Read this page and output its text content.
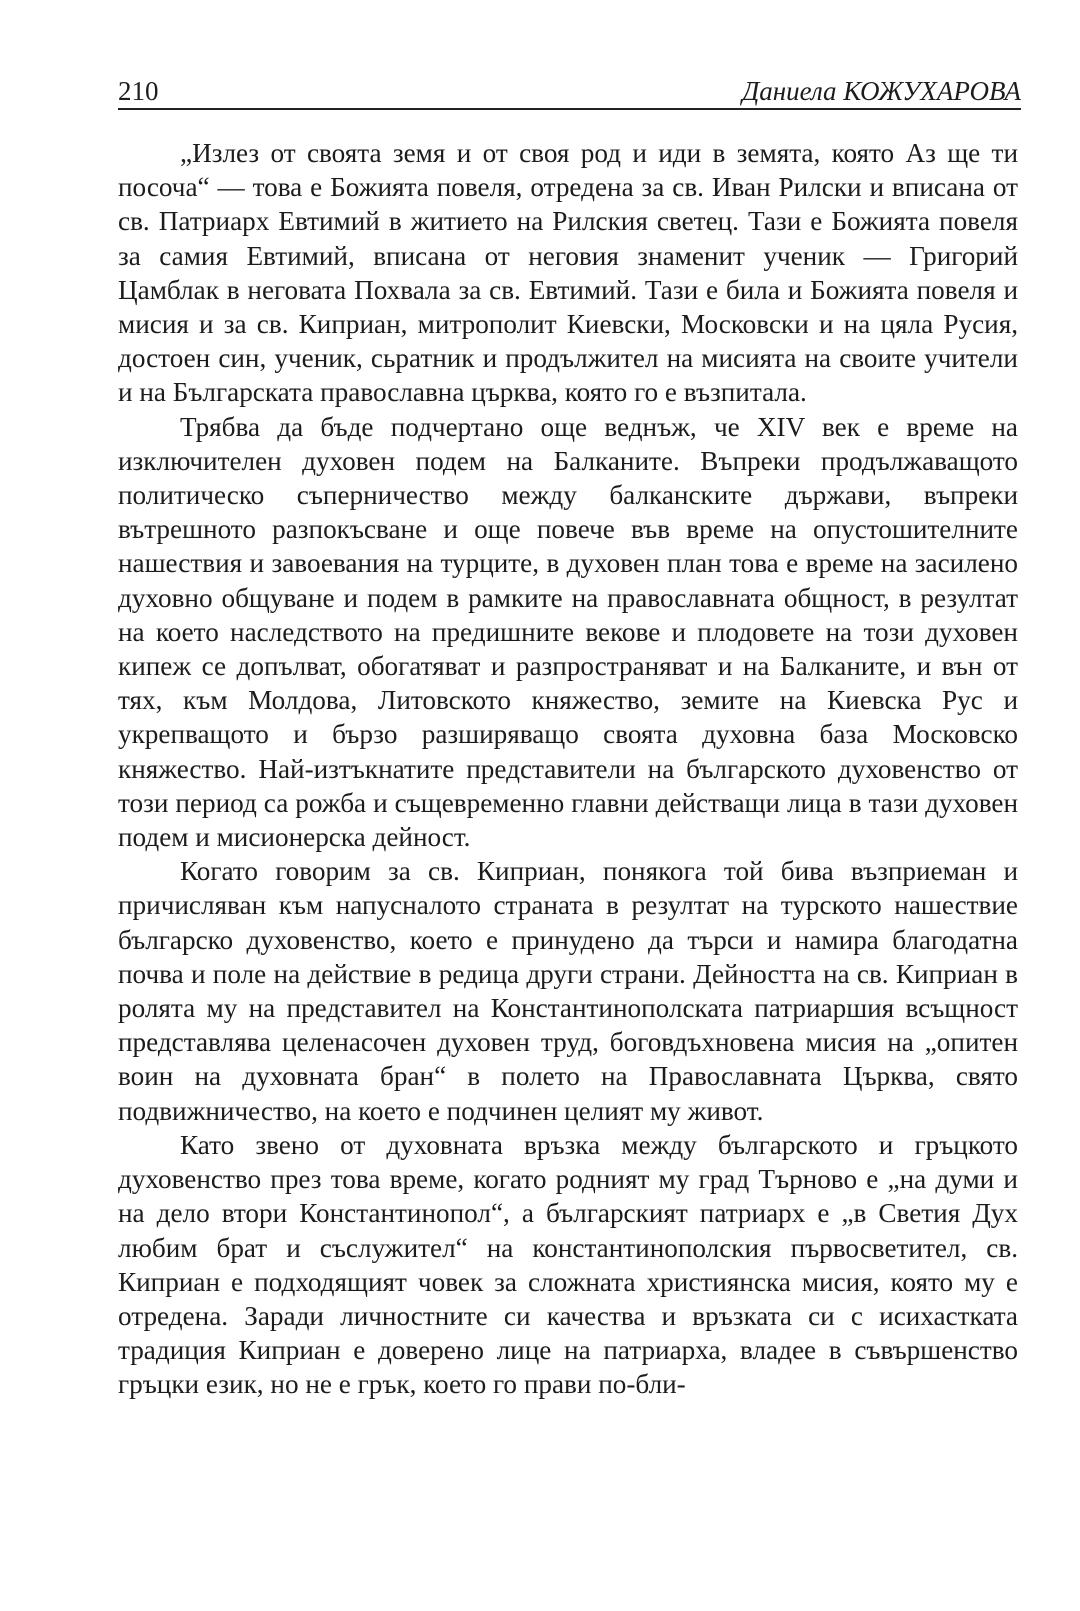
210	Даниела КОЖУХАРОВА

„Излез от своята земя и от своя род и иди в земята, която Аз ще ти посоча“ — това е Божията повеля, отредена за св. Иван Рилски и вписана от св. Патриарх Евтимий в житието на Рилския светец. Тази е Божията повеля за самия Евтимий, вписана от неговия знаменит ученик — Григорий Цамблак в неговата Похвала за св. Евтимий. Тази е била и Божията повеля и мисия и за св. Киприан, митрополит Киевски, Московски и на цяла Русия, достоен син, ученик, сьратник и продължител на мисията на своите учители и на Българската православна църква, която го е възпитала.

Трябва да бъде подчертано още веднъж, че XIV век е време на изключителен духовен подем на Балканите. Въпреки продължаващото политическо съперничество между балканските държави, въпреки вътрешното разпокъсване и още повече във време на опустошителните нашествия и завоевания на турците, в духовен план това е време на засилено духовно общуване и подем в рамките на православната общност, в резултат на което наследството на предишните векове и плодовете на този духовен кипеж се допълват, обогатяват и разпространяват и на Балканите, и вън от тях, към Молдова, Литовското княжество, земите на Киевска Рус и укрепващото и бързо разширяващо своята духовна база Московско княжество. Най-изтъкнатите представители на българското духовенство от този период са рожба и същевременно главни действащи лица в тази духовен подем и мисионерска дейност.

Когато говорим за св. Киприан, понякога той бива възприеман и причисляван към напусналото страната в резултат на турското нашествие българско духовенство, което е принудено да търси и намира благодатна почва и поле на действие в редица други страни. Дейността на св. Киприан в ролята му на представител на Константинополската патриаршия всъщност представлява целенасочен духовен труд, боговдъхновена мисия на „опитен воин на духовната бран“ в полето на Православната Църква, свято подвижничество, на което е подчинен целият му живот.

Като звено от духовната връзка между българското и гръцкото духовенство през това време, когато родният му град Търново е „на думи и на дело втори Константинопол“, а българският патриарх е „в Светия Дух любим брат и съслужител“ на константинополския първосветител, св. Киприан е подходящият човек за сложната християнска мисия, която му е отредена. Заради личностните си качества и връзката си с исихастката традиция Киприан е доверено лице на патриарха, владее в съвършенство гръцки език, но не е грък, което го прави по-бли-
